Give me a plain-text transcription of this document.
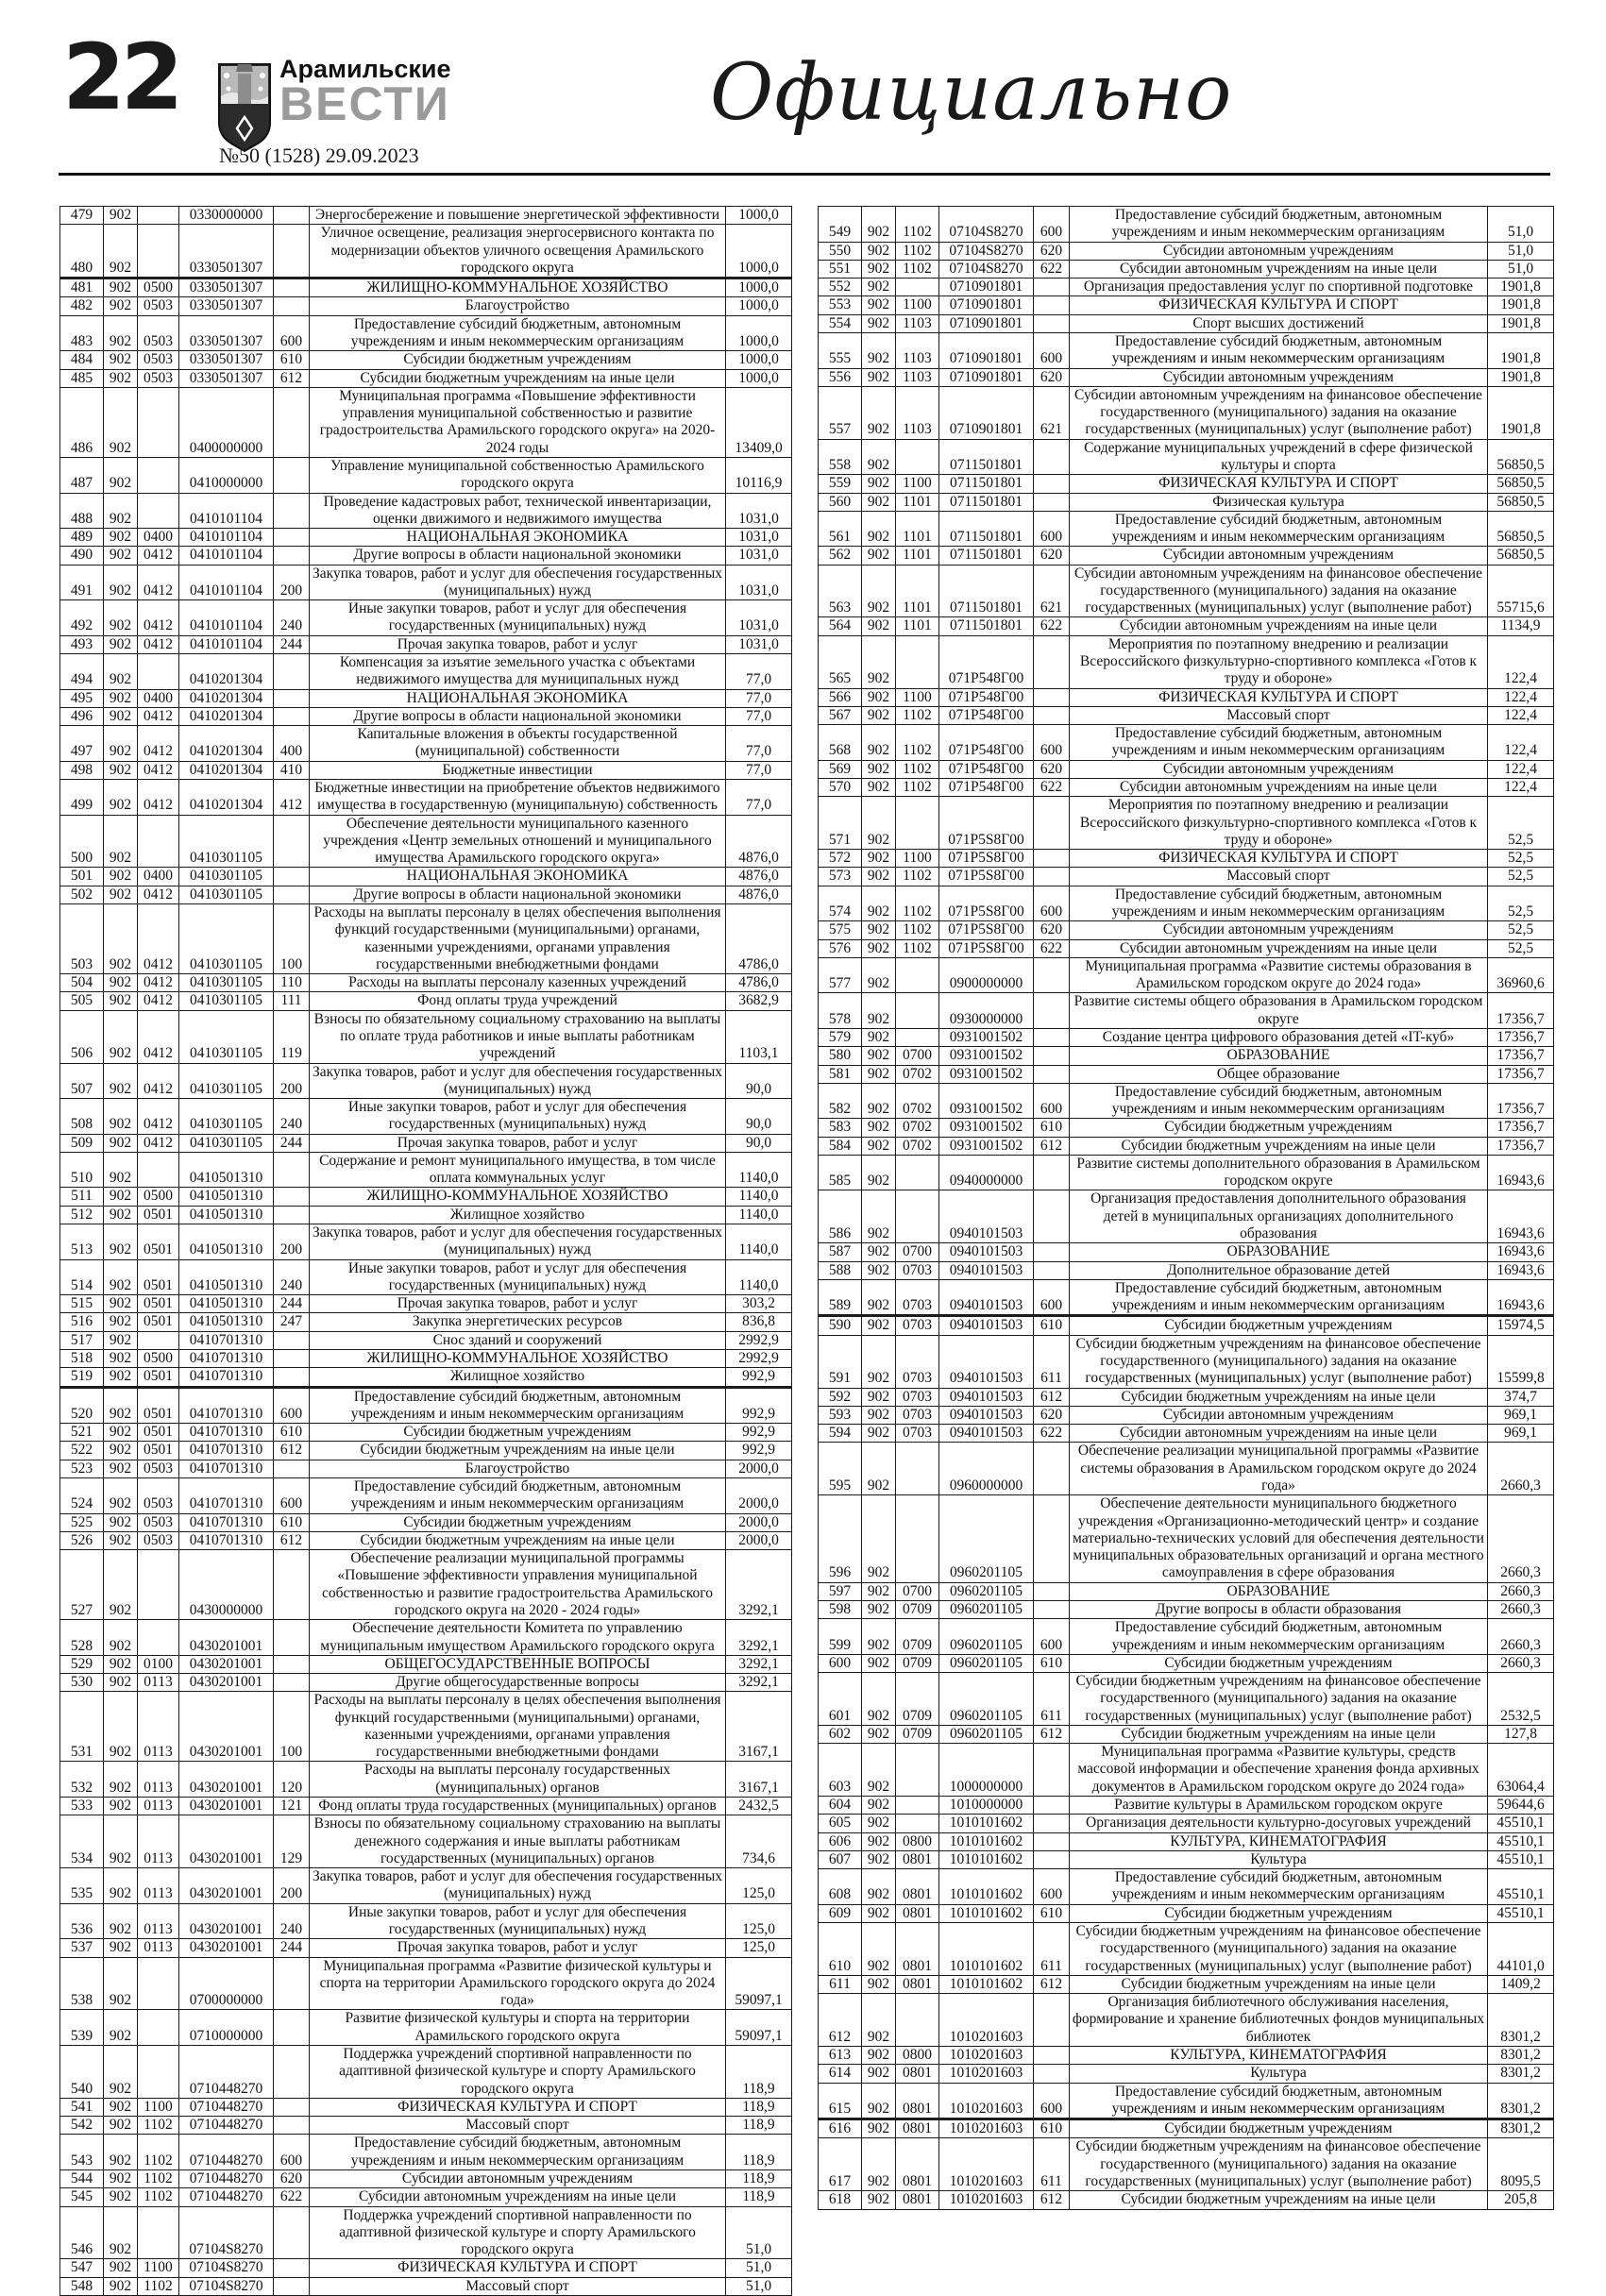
22	Арамильские
ВЕСТИ
№50 (1528) 29.09.2023
Официально
479	902		0330000000		Энергосбережение и повышение энергетической эффективности	1000,0
480	902		0330501307		Уличное освещение, реализация энергосервисного контакта по модернизации объектов уличного освещения Арамильского городского округа	1000,0
481	902	0500	0330501307		ЖИЛИЩНО-КОММУНАЛЬНОЕ ХОЗЯЙСТВО	1000,0
482	902	0503	0330501307		Благоустройство	1000,0
483	902	0503	0330501307	600	Предоставление субсидий бюджетным, автономным учреждениям и иным некоммерческим организациям	1000,0
484	902	0503	0330501307	610	Субсидии бюджетным учреждениям	1000,0
485	902	0503	0330501307	612	Субсидии бюджетным учреждениям на иные цели	1000,0
486	902		0400000000		Муниципальная программа «Повышение эффективности управления муниципальной собственностью и развитие градостроительства Арамильского городского округа» на 2020-2024 годы	13409,0
487	902		0410000000		Управление муниципальной собственностью Арамильского городского округа	10116,9
488	902		0410101104		Проведение кадастровых работ, технической инвентаризации, оценки движимого и недвижимого имущества	1031,0
489	902	0400	0410101104		НАЦИОНАЛЬНАЯ ЭКОНОМИКА	1031,0
490	902	0412	0410101104		Другие вопросы в области национальной экономики	1031,0
491	902	0412	0410101104	200	Закупка товаров, работ и услуг для обеспечения государственных (муниципальных) нужд	1031,0
492	902	0412	0410101104	240	Иные закупки товаров, работ и услуг для обеспечения государственных (муниципальных) нужд	1031,0
493	902	0412	0410101104	244	Прочая закупка товаров, работ и услуг	1031,0
494	902		0410201304		Компенсация за изъятие земельного участка с объектами недвижимого имущества для муниципальных нужд	77,0
495	902	0400	0410201304		НАЦИОНАЛЬНАЯ ЭКОНОМИКА	77,0
496	902	0412	0410201304		Другие вопросы в области национальной экономики	77,0
497	902	0412	0410201304	400	Капитальные вложения в объекты государственной (муниципальной) собственности	77,0
498	902	0412	0410201304	410	Бюджетные инвестиции	77,0
499	902	0412	0410201304	412	Бюджетные инвестиции на приобретение объектов недвижимого имущества в государственную (муниципальную) собственность	77,0
500	902		0410301105		Обеспечение деятельности муниципального казенного учреждения «Центр земельных отношений и муниципального имущества Арамильского городского округа»	4876,0
501	902	0400	0410301105		НАЦИОНАЛЬНАЯ ЭКОНОМИКА	4876,0
502	902	0412	0410301105		Другие вопросы в области национальной экономики	4876,0
503	902	0412	0410301105	100	Расходы на выплаты персоналу в целях обеспечения выполнения функций государственными (муниципальными) органами, казенными учреждениями, органами управления государственными внебюджетными фондами	4786,0
504	902	0412	0410301105	110	Расходы на выплаты персоналу казенных учреждений	4786,0
505	902	0412	0410301105	111	Фонд оплаты труда учреждений	3682,9
506	902	0412	0410301105	119	Взносы по обязательному социальному страхованию на выплаты по оплате труда работников и иные выплаты работникам учреждений	1103,1
507	902	0412	0410301105	200	Закупка товаров, работ и услуг для обеспечения государственных (муниципальных) нужд	90,0
508	902	0412	0410301105	240	Иные закупки товаров, работ и услуг для обеспечения государственных (муниципальных) нужд	90,0
509	902	0412	0410301105	244	Прочая закупка товаров, работ и услуг	90,0
510	902		0410501310		Содержание и ремонт муниципального имущества, в том числе оплата коммунальных услуг	1140,0
511	902	0500	0410501310		ЖИЛИЩНО-КОММУНАЛЬНОЕ ХОЗЯЙСТВО	1140,0
512	902	0501	0410501310		Жилищное хозяйство	1140,0
513	902	0501	0410501310	200	Закупка товаров, работ и услуг для обеспечения государственных (муниципальных) нужд	1140,0
514	902	0501	0410501310	240	Иные закупки товаров, работ и услуг для обеспечения государственных (муниципальных) нужд	1140,0
515	902	0501	0410501310	244	Прочая закупка товаров, работ и услуг	303,2
516	902	0501	0410501310	247	Закупка энергетических ресурсов	836,8
517	902		0410701310		Снос зданий и сооружений	2992,9
518	902	0500	0410701310		ЖИЛИЩНО-КОММУНАЛЬНОЕ ХОЗЯЙСТВО	2992,9
519	902	0501	0410701310		Жилищное хозяйство	992,9
520	902	0501	0410701310	600	Предоставление субсидий бюджетным, автономным учреждениям и иным некоммерческим организациям	992,9
521	902	0501	0410701310	610	Субсидии бюджетным учреждениям	992,9
522	902	0501	0410701310	612	Субсидии бюджетным учреждениям на иные цели	992,9
523	902	0503	0410701310		Благоустройство	2000,0
524	902	0503	0410701310	600	Предоставление субсидий бюджетным, автономным учреждениям и иным некоммерческим организациям	2000,0
525	902	0503	0410701310	610	Субсидии бюджетным учреждениям	2000,0
526	902	0503	0410701310	612	Субсидии бюджетным учреждениям на иные цели	2000,0
527	902		0430000000		Обеспечение реализации муниципальной программы «Повышение эффективности управления муниципальной собственностью и развитие градостроительства Арамильского городского округа на 2020 - 2024 годы»	3292,1
528	902		0430201001		Обеспечение деятельности Комитета по управлению муниципальным имуществом Арамильского городского округа	3292,1
529	902	0100	0430201001		ОБЩЕГОСУДАРСТВЕННЫЕ ВОПРОСЫ	3292,1
530	902	0113	0430201001		Другие общегосударственные вопросы	3292,1
531	902	0113	0430201001	100	Расходы на выплаты персоналу в целях обеспечения выполнения функций государственными (муниципальными) органами, казенными учреждениями, органами управления государственными внебюджетными фондами	3167,1
532	902	0113	0430201001	120	Расходы на выплаты персоналу государственных (муниципальных) органов	3167,1
533	902	0113	0430201001	121	Фонд оплаты труда государственных (муниципальных) органов	2432,5
534	902	0113	0430201001	129	Взносы по обязательному социальному страхованию на выплаты денежного содержания и иные выплаты работникам государственных (муниципальных) органов	734,6
535	902	0113	0430201001	200	Закупка товаров, работ и услуг для обеспечения государственных (муниципальных) нужд	125,0
536	902	0113	0430201001	240	Иные закупки товаров, работ и услуг для обеспечения государственных (муниципальных) нужд	125,0
537	902	0113	0430201001	244	Прочая закупка товаров, работ и услуг	125,0
538	902		0700000000		Муниципальная программа «Развитие физической культуры и спорта на территории Арамильского городского округа до 2024 года»	59097,1
539	902		0710000000		Развитие физической культуры и спорта на территории Арамильского городского округа	59097,1
540	902		0710448270		Поддержка учреждений спортивной направленности по адаптивной физической культуре и спорту Арамильского городского округа	118,9
541	902	1100	0710448270		ФИЗИЧЕСКАЯ КУЛЬТУРА И СПОРТ	118,9
542	902	1102	0710448270		Массовый спорт	118,9
543	902	1102	0710448270	600	Предоставление субсидий бюджетным, автономным учреждениям и иным некоммерческим организациям	118,9
544	902	1102	0710448270	620	Субсидии автономным учреждениям	118,9
545	902	1102	0710448270	622	Субсидии автономным учреждениям на иные цели	118,9
546	902		07104S8270		Поддержка учреждений спортивной направленности по адаптивной физической культуре и спорту Арамильского городского округа	51,0
547	902	1100	07104S8270		ФИЗИЧЕСКАЯ КУЛЬТУРА И СПОРТ	51,0
548	902	1102	07104S8270		Массовый спорт	51,0
549	902	1102	07104S8270	600	Предоставление субсидий бюджетным, автономным учреждениям и иным некоммерческим организациям	51,0
550	902	1102	07104S8270	620	Субсидии автономным учреждениям	51,0
551	902	1102	07104S8270	622	Субсидии автономным учреждениям на иные цели	51,0
552	902		0710901801		Организация предоставления услуг по спортивной подготовке	1901,8
553	902	1100	0710901801		ФИЗИЧЕСКАЯ КУЛЬТУРА И СПОРТ	1901,8
554	902	1103	0710901801		Спорт высших достижений	1901,8
555	902	1103	0710901801	600	Предоставление субсидий бюджетным, автономным учреждениям и иным некоммерческим организациям	1901,8
556	902	1103	0710901801	620	Субсидии автономным учреждениям	1901,8
557	902	1103	0710901801	621	Субсидии автономным учреждениям на финансовое обеспечение государственного (муниципального) задания на оказание государственных (муниципальных) услуг (выполнение работ)	1901,8
558	902		0711501801		Содержание муниципальных учреждений в сфере физической культуры и спорта	56850,5
559	902	1100	0711501801		ФИЗИЧЕСКАЯ КУЛЬТУРА И СПОРТ	56850,5
560	902	1101	0711501801		Физическая культура	56850,5
561	902	1101	0711501801	600	Предоставление субсидий бюджетным, автономным учреждениям и иным некоммерческим организациям	56850,5
562	902	1101	0711501801	620	Субсидии автономным учреждениям	56850,5
563	902	1101	0711501801	621	Субсидии автономным учреждениям на финансовое обеспечение государственного (муниципального) задания на оказание государственных (муниципальных) услуг (выполнение работ)	55715,6
564	902	1101	0711501801	622	Субсидии автономным учреждениям на иные цели	1134,9
565	902		071P548Г00		Мероприятия по поэтапному внедрению и реализации Всероссийского физкультурно-спортивного комплекса «Готов к труду и обороне»	122,4
566	902	1100	071P548Г00		ФИЗИЧЕСКАЯ КУЛЬТУРА И СПОРТ	122,4
567	902	1102	071P548Г00		Массовый спорт	122,4
568	902	1102	071P548Г00	600	Предоставление субсидий бюджетным, автономным учреждениям и иным некоммерческим организациям	122,4
569	902	1102	071P548Г00	620	Субсидии автономным учреждениям	122,4
570	902	1102	071P548Г00	622	Субсидии автономным учреждениям на иные цели	122,4
571	902		071P5S8Г00		Мероприятия по поэтапному внедрению и реализации Всероссийского физкультурно-спортивного комплекса «Готов к труду и обороне»	52,5
572	902	1100	071P5S8Г00		ФИЗИЧЕСКАЯ КУЛЬТУРА И СПОРТ	52,5
573	902	1102	071P5S8Г00		Массовый спорт	52,5
574	902	1102	071P5S8Г00	600	Предоставление субсидий бюджетным, автономным учреждениям и иным некоммерческим организациям	52,5
575	902	1102	071P5S8Г00	620	Субсидии автономным учреждениям	52,5
576	902	1102	071P5S8Г00	622	Субсидии автономным учреждениям на иные цели	52,5
577	902		0900000000		Муниципальная программа «Развитие системы образования в Арамильском городском округе до 2024 года»	36960,6
578	902		0930000000		Развитие системы общего образования в Арамильском городском округе	17356,7
579	902		0931001502		Создание центра цифрового образования детей «IT-куб»	17356,7
580	902	0700	0931001502		ОБРАЗОВАНИЕ	17356,7
581	902	0702	0931001502		Общее образование	17356,7
582	902	0702	0931001502	600	Предоставление субсидий бюджетным, автономным учреждениям и иным некоммерческим организациям	17356,7
583	902	0702	0931001502	610	Субсидии бюджетным учреждениям	17356,7
584	902	0702	0931001502	612	Субсидии бюджетным учреждениям на иные цели	17356,7
585	902		0940000000		Развитие системы дополнительного образования в Арамильском городском округе	16943,6
586	902		0940101503		Организация предоставления дополнительного образования детей в муниципальных организациях дополнительного образования	16943,6
587	902	0700	0940101503		ОБРАЗОВАНИЕ	16943,6
588	902	0703	0940101503		Дополнительное образование детей	16943,6
589	902	0703	0940101503	600	Предоставление субсидий бюджетным, автономным учреждениям и иным некоммерческим организациям	16943,6
590	902	0703	0940101503	610	Субсидии бюджетным учреждениям	15974,5
591	902	0703	0940101503	611	Субсидии бюджетным учреждениям на финансовое обеспечение государственного (муниципального) задания на оказание государственных (муниципальных) услуг (выполнение работ)	15599,8
592	902	0703	0940101503	612	Субсидии бюджетным учреждениям на иные цели	374,7
593	902	0703	0940101503	620	Субсидии автономным учреждениям	969,1
594	902	0703	0940101503	622	Субсидии автономным учреждениям на иные цели	969,1
595	902		0960000000		Обеспечение реализации муниципальной программы «Развитие системы образования в Арамильском городском округе до 2024 года»	2660,3
596	902		0960201105		Обеспечение деятельности муниципального бюджетного учреждения «Организационно-методический центр» и создание материально-технических условий для обеспечения деятельности муниципальных образовательных организаций и органа местного самоуправления в сфере образования	2660,3
597	902	0700	0960201105		ОБРАЗОВАНИЕ	2660,3
598	902	0709	0960201105		Другие вопросы в области образования	2660,3
599	902	0709	0960201105	600	Предоставление субсидий бюджетным, автономным учреждениям и иным некоммерческим организациям	2660,3
600	902	0709	0960201105	610	Субсидии бюджетным учреждениям	2660,3
601	902	0709	0960201105	611	Субсидии бюджетным учреждениям на финансовое обеспечение государственного (муниципального) задания на оказание государственных (муниципальных) услуг (выполнение работ)	2532,5
602	902	0709	0960201105	612	Субсидии бюджетным учреждениям на иные цели	127,8
603	902		1000000000		Муниципальная программа «Развитие культуры, средств массовой информации и обеспечение хранения фонда архивных документов в Арамильском городском округе до 2024 года»	63064,4
604	902		1010000000		Развитие культуры в Арамильском городском округе	59644,6
605	902		1010101602		Организация деятельности культурно-досуговых учреждений	45510,1
606	902	0800	1010101602		КУЛЬТУРА, КИНЕМАТОГРАФИЯ	45510,1
607	902	0801	1010101602		Культура	45510,1
608	902	0801	1010101602	600	Предоставление субсидий бюджетным, автономным учреждениям и иным некоммерческим организациям	45510,1
609	902	0801	1010101602	610	Субсидии бюджетным учреждениям	45510,1
610	902	0801	1010101602	611	Субсидии бюджетным учреждениям на финансовое обеспечение государственного (муниципального) задания на оказание государственных (муниципальных) услуг (выполнение работ)	44101,0
611	902	0801	1010101602	612	Субсидии бюджетным учреждениям на иные цели	1409,2
612	902		1010201603		Организация библиотечного обслуживания населения, формирование и хранение библиотечных фондов муниципальных библиотек	8301,2
613	902	0800	1010201603		КУЛЬТУРА, КИНЕМАТОГРАФИЯ	8301,2
614	902	0801	1010201603		Культура	8301,2
615	902	0801	1010201603	600	Предоставление субсидий бюджетным, автономным учреждениям и иным некоммерческим организациям	8301,2
616	902	0801	1010201603	610	Субсидии бюджетным учреждениям	8301,2
617	902	0801	1010201603	611	Субсидии бюджетным учреждениям на финансовое обеспечение государственного (муниципального) задания на оказание государственных (муниципальных) услуг (выполнение работ)	8095,5
618	902	0801	1010201603	612	Субсидии бюджетным учреждениям на иные цели	205,8
